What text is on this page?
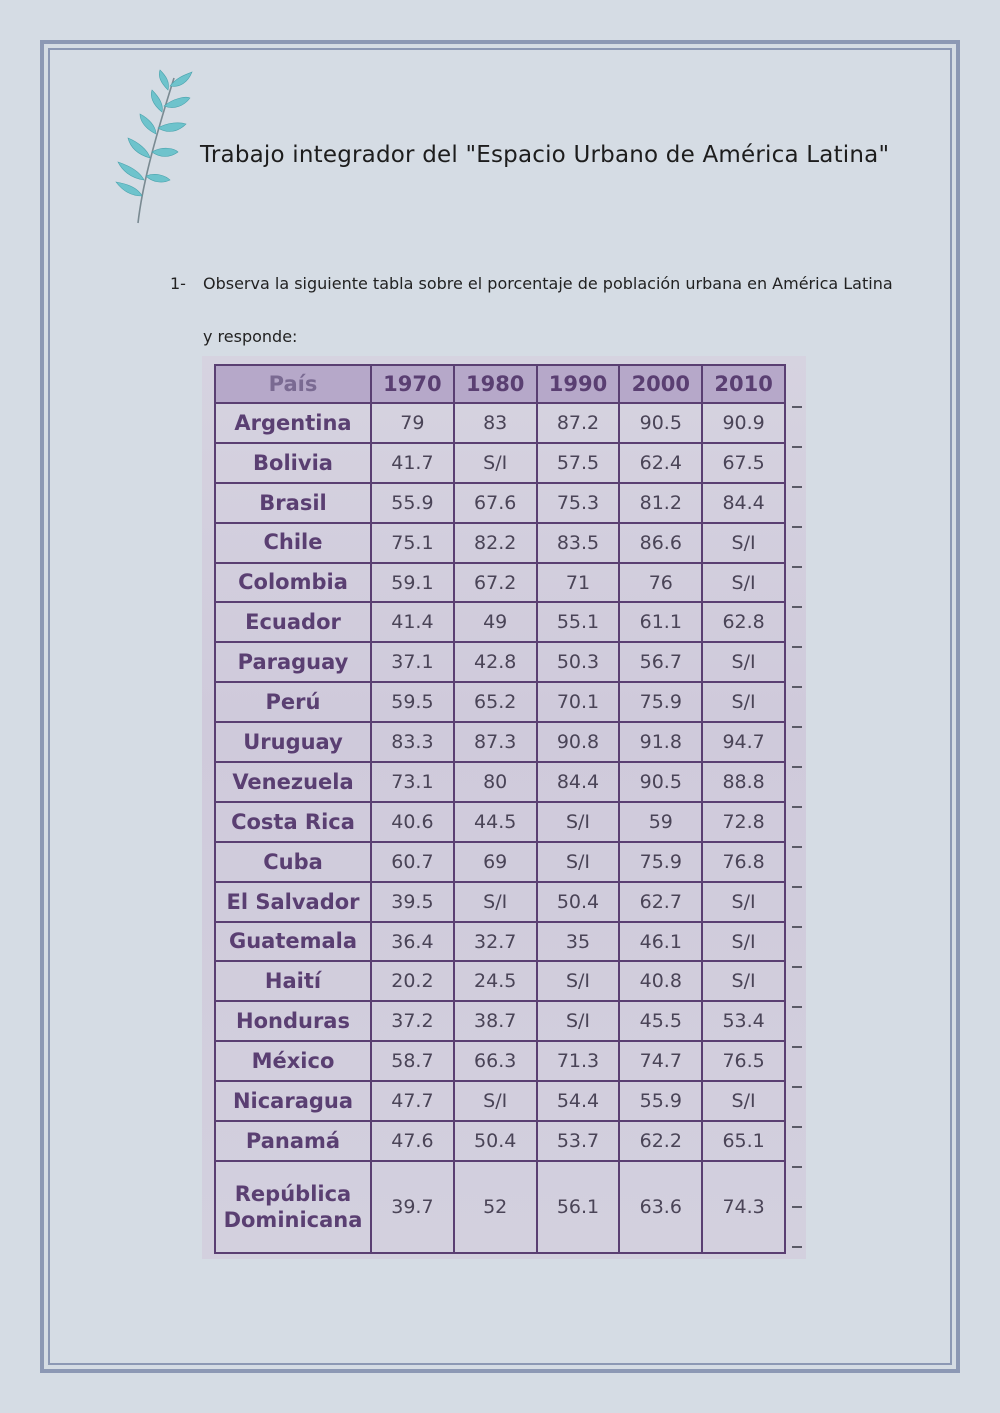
Trabajo integrador del "Espacio Urbano de América Latina"
1- Observa la siguiente tabla sobre el porcentaje de población urbana en América Latina
y responde:
País	1970	1980	1990	2000	2010
Argentina	79	83	87.2	90.5	90.9
Bolivia	41.7	S/I	57.5	62.4	67.5
Brasil	55.9	67.6	75.3	81.2	84.4
Chile	75.1	82.2	83.5	86.6	S/I
Colombia	59.1	67.2	71	76	S/I
Ecuador	41.4	49	55.1	61.1	62.8
Paraguay	37.1	42.8	50.3	56.7	S/I
Perú	59.5	65.2	70.1	75.9	S/I
Uruguay	83.3	87.3	90.8	91.8	94.7
Venezuela	73.1	80	84.4	90.5	88.8
Costa Rica	40.6	44.5	S/I	59	72.8
Cuba	60.7	69	S/I	75.9	76.8
El Salvador	39.5	S/I	50.4	62.7	S/I
Guatemala	36.4	32.7	35	46.1	S/I
Haití	20.2	24.5	S/I	40.8	S/I
Honduras	37.2	38.7	S/I	45.5	53.4
México	58.7	66.3	71.3	74.7	76.5
Nicaragua	47.7	S/I	54.4	55.9	S/I
Panamá	47.6	50.4	53.7	62.2	65.1
República
Dominicana	39.7	52	56.1	63.6	74.3
